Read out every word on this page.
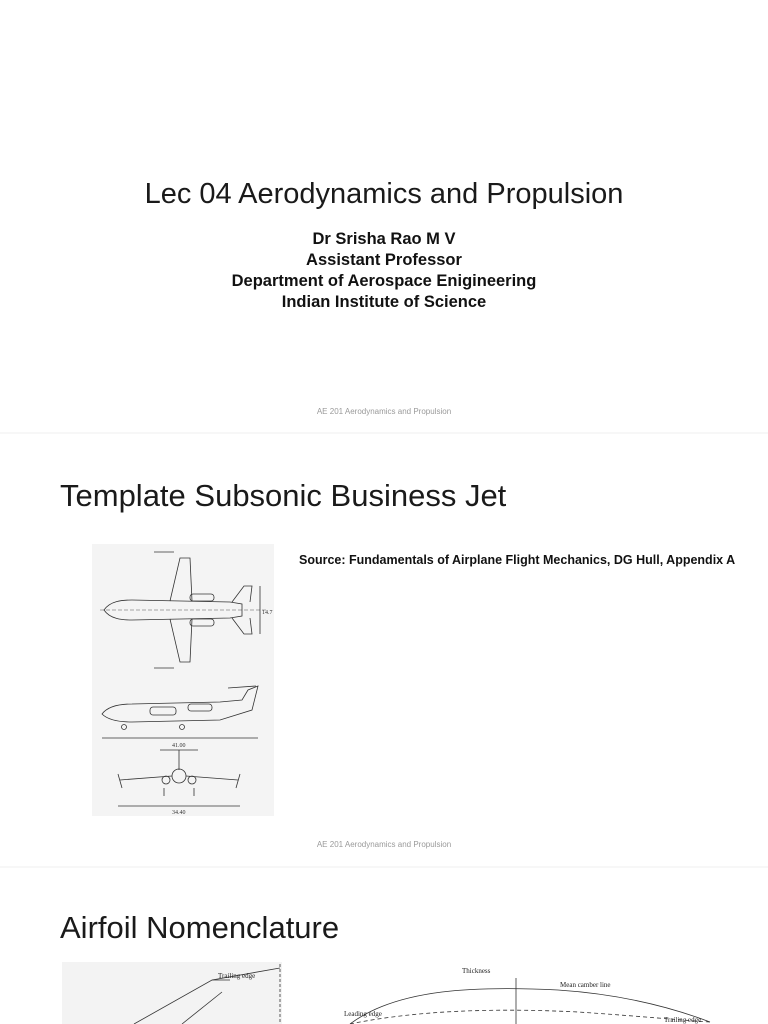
Lec 04 Aerodynamics and Propulsion
Dr Srisha Rao M V
Assistant Professor
Department of Aerospace Enigineering
Indian Institute of Science
AE 201 Aerodynamics and Propulsion
Template Subsonic Business Jet
Source: Fundamentals of Airplane Flight Mechanics, DG Hull, Appendix A
14.7
41.00
34.40
AE 201 Aerodynamics and Propulsion
Airfoil Nomenclature
Trailing edge
Thickness
Mean camber line
Leading edge
Trailing edge
